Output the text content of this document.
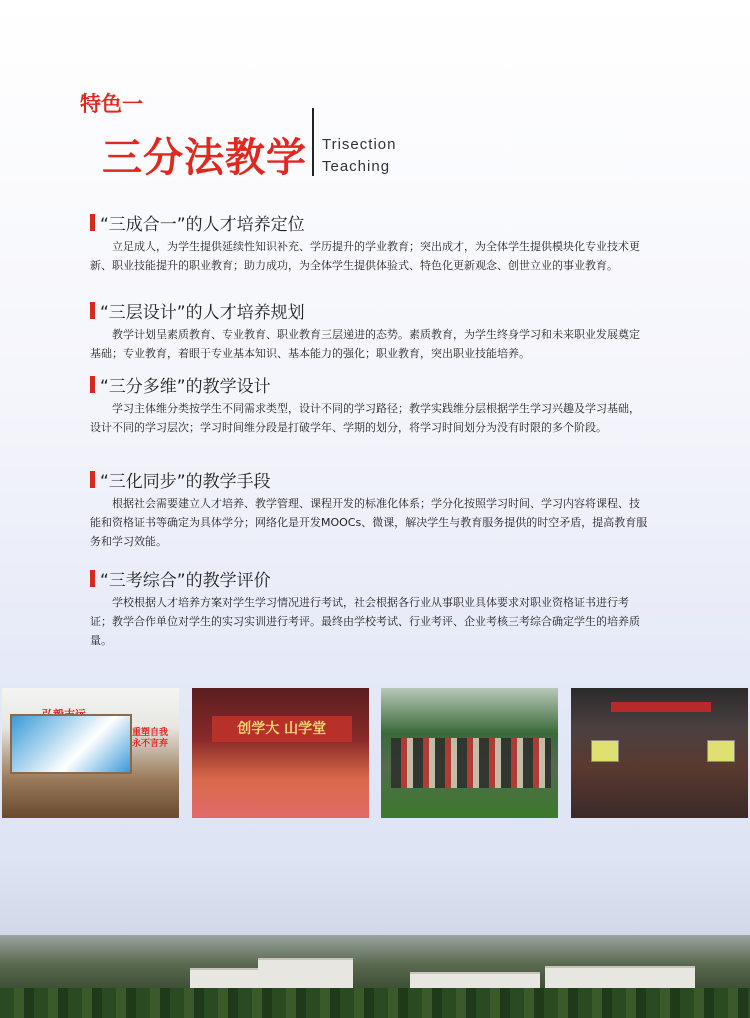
特色一
三分法教学 Trisection
Teaching
“三成合一”的人才培养定位

立足成人，为学生提供延续性知识补充、学历提升的学业教育；突出成才，为全体学生提供模块化专业技术更新、职业技能提升的职业教育；助力成功，为全体学生提供体验式、特色化更新观念、创世立业的事业教育。

“三层设计”的人才培养规划

教学计划呈素质教育、专业教育、职业教育三层递进的态势。素质教育，为学生终身学习和未来职业发展奠定基础；专业教育，着眼于专业基本知识、基本能力的强化；职业教育，突出职业技能培养。

“三分多维”的教学设计

学习主体维分类按学生不同需求类型，设计不同的学习路径；教学实践维分层根据学生学习兴趣及学习基础，设计不同的学习层次；学习时间维分段是打破学年、学期的划分，将学习时间划分为没有时限的多个阶段。

“三化同步”的教学手段

根据社会需要建立人才培养、教学管理、课程开发的标准化体系；学分化按照学习时间、学习内容将课程、技能和资格证书等确定为具体学分；网络化是开发MOOCs、微课，解决学生与教育服务提供的时空矛盾，提高教育服务和学习效能。

“三考综合”的教学评价

学校根据人才培养方案对学生学习情况进行考试，社会根据各行业从事职业具体要求对职业资格证书进行考证；教学合作单位对学生的实习实训进行考评。最终由学校考试、行业考评、企业考核三考综合确定学生的培养质量。

重塑自我 永不言弃
创学大 山学堂
